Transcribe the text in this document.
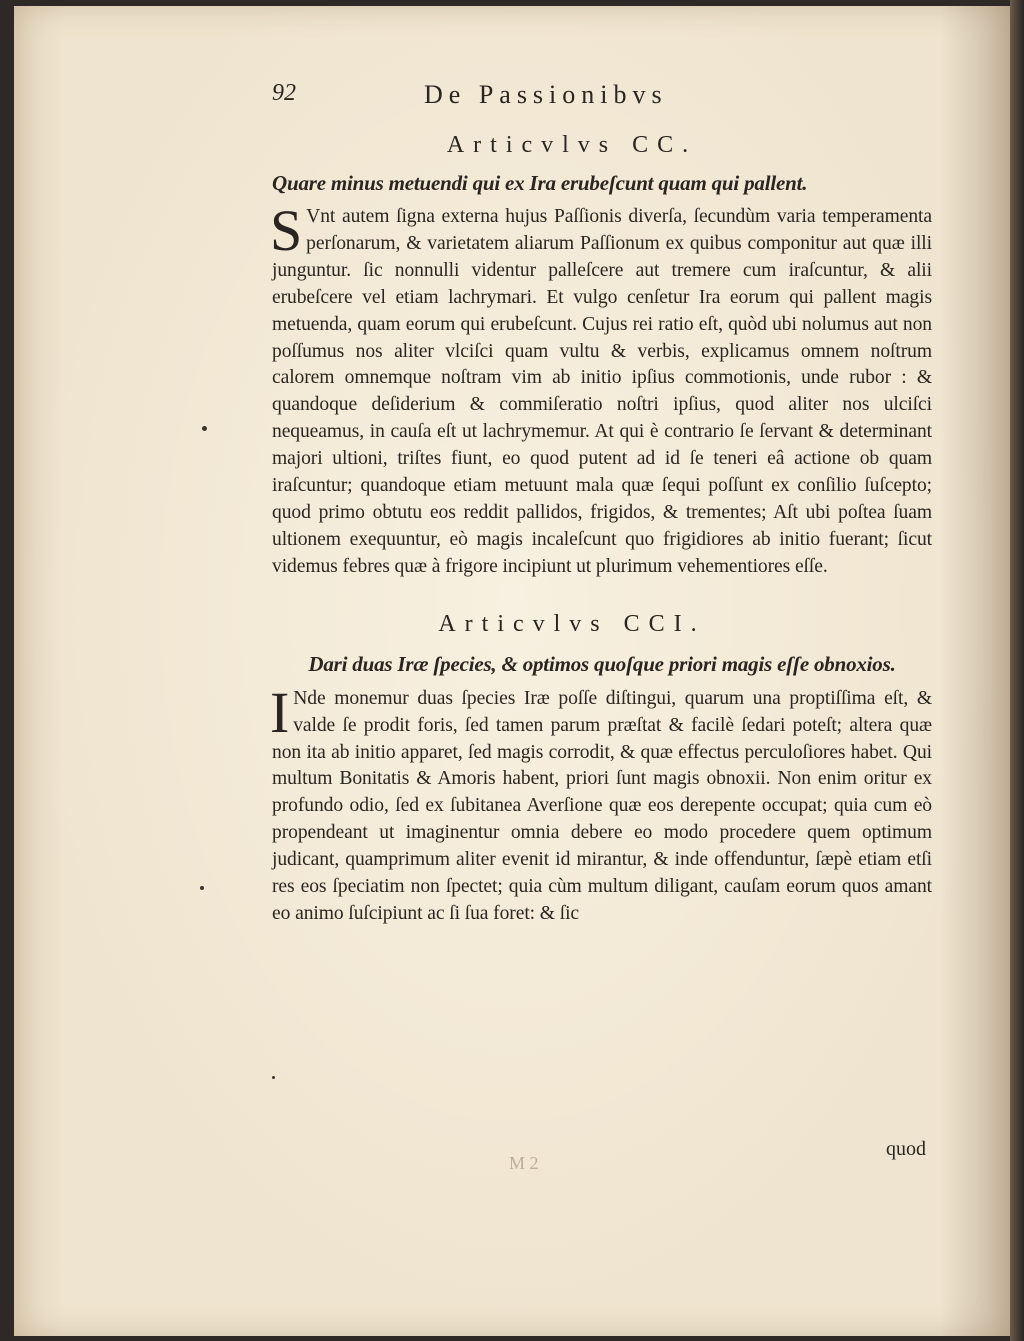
92	De Passionibvs
Articvlvs CC.
Quare minus metuendi qui ex Ira erubeſcunt quam qui pallent.
S Vnt autem ſigna externa hujus Paſſionis diverſa, ſecundùm varia temperamenta perſonarum, & varietatem aliarum Paſſionum ex quibus componitur aut quæ illi junguntur. ſic nonnulli videntur palleſcere aut tremere cum iraſcuntur, & alii erubeſcere vel etiam lachrymari. Et vulgo cenſetur Ira eorum qui pallent magis metuenda, quam eorum qui erubeſcunt. Cujus rei ratio eſt, quòd ubi nolumus aut non poſſumus nos aliter vlciſci quam vultu & verbis, explicamus omnem noſtrum calorem omnemque noſtram vim ab initio ipſius commotionis, unde rubor : & quandoque deſiderium & commiſeratio noſtri ipſius, quod aliter nos ulciſci nequeamus, in cauſa eſt ut lachrymemur. At qui è contrario ſe ſervant & determinant majori ultioni, triſtes fiunt, eo quod putent ad id ſe teneri eâ actione ob quam iraſcuntur; quandoque etiam metuunt mala quæ ſequi poſſunt ex conſilio ſuſcepto; quod primo obtutu eos reddit pallidos, frigidos, & trementes; Aſt ubi poſtea ſuam ultionem exequuntur, eò magis incaleſcunt quo frigidiores ab initio fuerant; ſicut videmus febres quæ à frigore incipiunt ut plurimum vehementiores eſſe.
Articvlvs CCI.
Dari duas Iræ ſpecies, & optimos quoſque priori magis eſſe obnoxios.
I Nde monemur duas ſpecies Iræ poſſe diſtingui, quarum una proptiſſima eſt, & valde ſe prodit foris, ſed tamen parum præſtat & facilè ſedari poteſt; altera quæ non ita ab initio apparet, ſed magis corrodit, & quæ effectus perculoſiores habet. Qui multum Bonitatis & Amoris habent, priori ſunt magis obnoxii. Non enim oritur ex profundo odio, ſed ex ſubitanea Averſione quæ eos derepente occupat; quia cum eò propendeant ut imaginentur omnia debere eo modo procedere quem optimum judicant, quamprimum aliter evenit id mirantur, & inde offenduntur, ſæpè etiam etſi res eos ſpeciatim non ſpectet; quia cùm multum diligant, cauſam eorum quos amant eo animo ſuſcipiunt ac ſi ſua foret: & ſic
M 2
quod
